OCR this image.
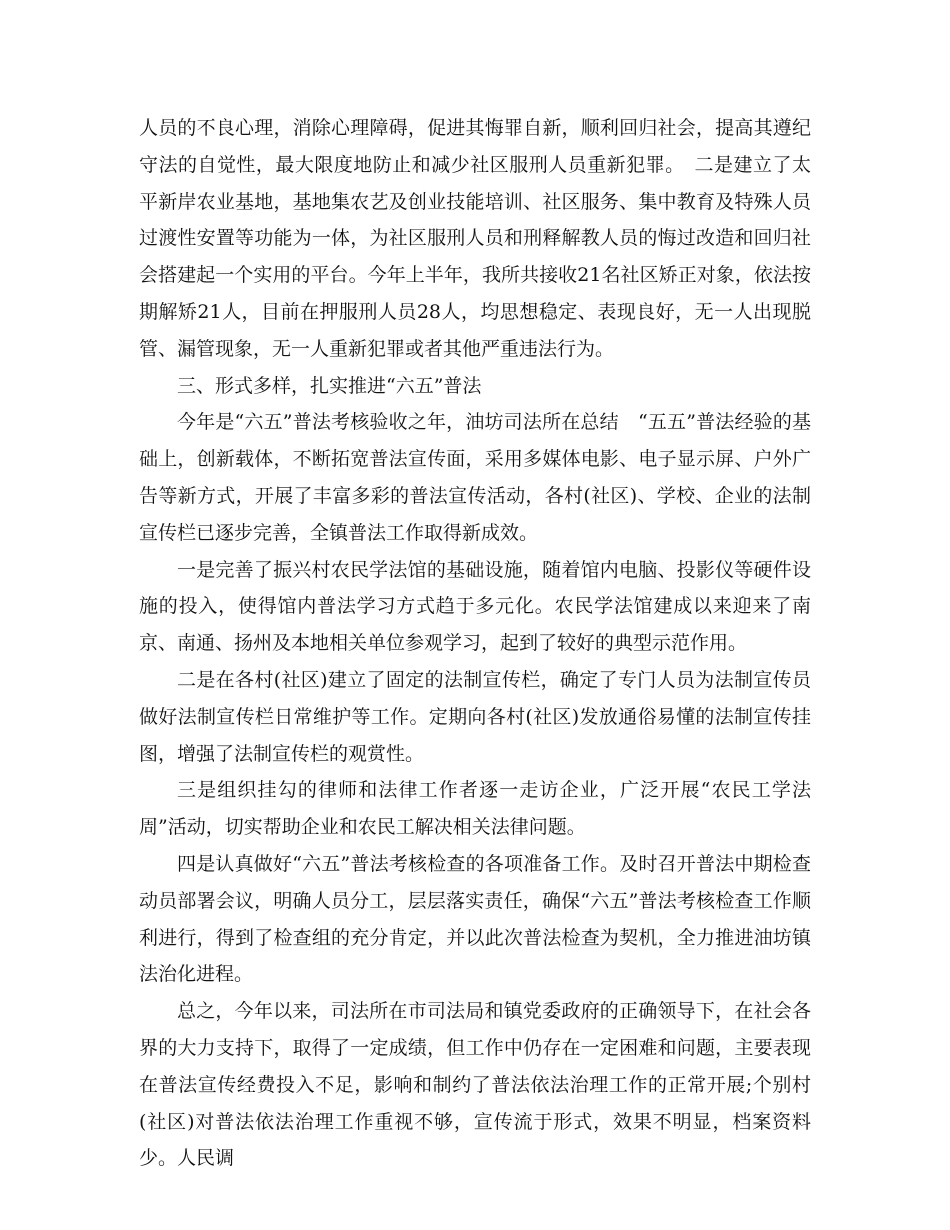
人员的不良心理，消除心理障碍，促进其悔罪自新，顺利回归社会，提高其遵纪守法的自觉性，最大限度地防止和减少社区服刑人员重新犯罪。　二是建立了太平新岸农业基地，基地集农艺及创业技能培训、社区服务、集中教育及特殊人员过渡性安置等功能为一体，为社区服刑人员和刑释解教人员的悔过改造和回归社会搭建起一个实用的平台。今年上半年，我所共接收21名社区矫正对象，依法按期解矫21人，目前在押服刑人员28人，均思想稳定、表现良好，无一人出现脱管、漏管现象，无一人重新犯罪或者其他严重违法行为。

三、形式多样，扎实推进“六五”普法

今年是“六五”普法考核验收之年，油坊司法所在总结　“五五”普法经验的基础上，创新载体，不断拓宽普法宣传面，采用多媒体电影、电子显示屏、户外广告等新方式，开展了丰富多彩的普法宣传活动，各村(社区)、学校、企业的法制宣传栏已逐步完善，全镇普法工作取得新成效。

一是完善了振兴村农民学法馆的基础设施，随着馆内电脑、投影仪等硬件设施的投入，使得馆内普法学习方式趋于多元化。农民学法馆建成以来迎来了南京、南通、扬州及本地相关单位参观学习，起到了较好的典型示范作用。

二是在各村(社区)建立了固定的法制宣传栏，确定了专门人员为法制宣传员做好法制宣传栏日常维护等工作。定期向各村(社区)发放通俗易懂的法制宣传挂图，增强了法制宣传栏的观赏性。

三是组织挂勾的律师和法律工作者逐一走访企业，广泛开展“农民工学法周”活动，切实帮助企业和农民工解决相关法律问题。

四是认真做好“六五”普法考核检查的各项准备工作。及时召开普法中期检查动员部署会议，明确人员分工，层层落实责任，确保“六五”普法考核检查工作顺利进行，得到了检查组的充分肯定，并以此次普法检查为契机，全力推进油坊镇法治化进程。

总之，今年以来，司法所在市司法局和镇党委政府的正确领导下，在社会各界的大力支持下，取得了一定成绩，但工作中仍存在一定困难和问题，主要表现在普法宣传经费投入不足，影响和制约了普法依法治理工作的正常开展;个别村(社区)对普法依法治理工作重视不够，宣传流于形式，效果不明显，档案资料少。人民调
